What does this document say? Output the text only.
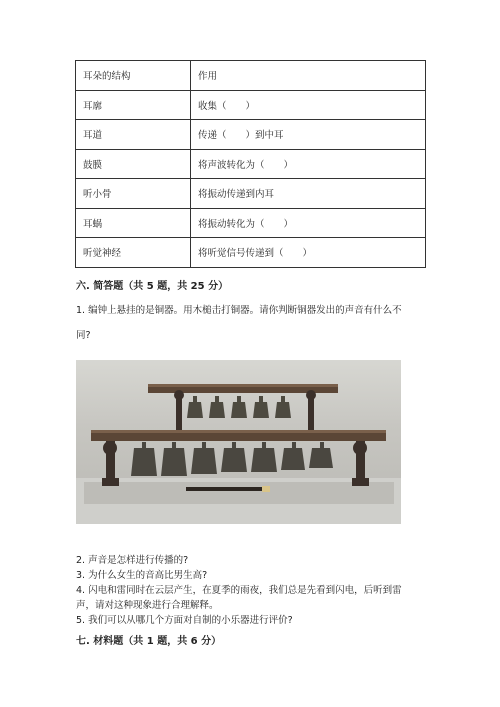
耳朵的结构	作用
耳廓	收集（　　）
耳道	传递（　　）到中耳
鼓膜	将声波转化为（　　）
听小骨	将振动传递到内耳
耳蜗	将振动转化为（　　）
听觉神经	将听觉信号传递到（　　）
六. 简答题（共 5 题，共 25 分）
1. 编钟上悬挂的是铜器。用木槌击打铜器。请你判断铜器发出的声音有什么不
同?
2. 声音是怎样进行传播的?
3. 为什么女生的音高比男生高?
4. 闪电和雷同时在云层产生，在夏季的雨夜，我们总是先看到闪电，后听到雷
声，请对这种现象进行合理解释。
5. 我们可以从哪几个方面对自制的小乐器进行评价?
七. 材料题（共 1 题，共 6 分）
